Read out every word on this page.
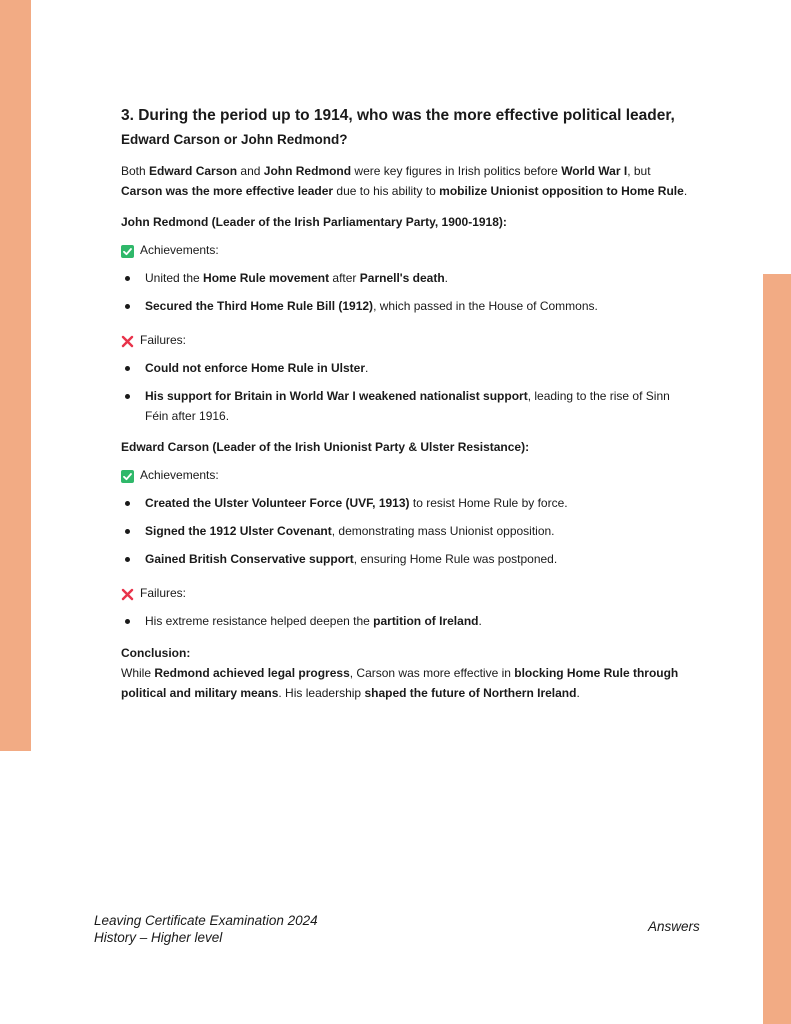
3. During the period up to 1914, who was the more effective political leader,
Edward Carson or John Redmond?

Both Edward Carson and John Redmond were key figures in Irish politics before World War I, but Carson was the more effective leader due to his ability to mobilize Unionist opposition to Home Rule.

John Redmond (Leader of the Irish Parliamentary Party, 1900-1918):
Achievements:
United the Home Rule movement after Parnell's death.
Secured the Third Home Rule Bill (1912), which passed in the House of Commons.
Failures:
Could not enforce Home Rule in Ulster.
His support for Britain in World War I weakened nationalist support, leading to the rise of Sinn Féin after 1916.
Edward Carson (Leader of the Irish Unionist Party & Ulster Resistance):
Achievements:
Created the Ulster Volunteer Force (UVF, 1913) to resist Home Rule by force.
Signed the 1912 Ulster Covenant, demonstrating mass Unionist opposition.
Gained British Conservative support, ensuring Home Rule was postponed.
Failures:
His extreme resistance helped deepen the partition of Ireland.
Conclusion:

While Redmond achieved legal progress, Carson was more effective in blocking Home Rule through political and military means. His leadership shaped the future of Northern Ireland.

Leaving Certificate Examination 2024
History – Higher level
Answers
